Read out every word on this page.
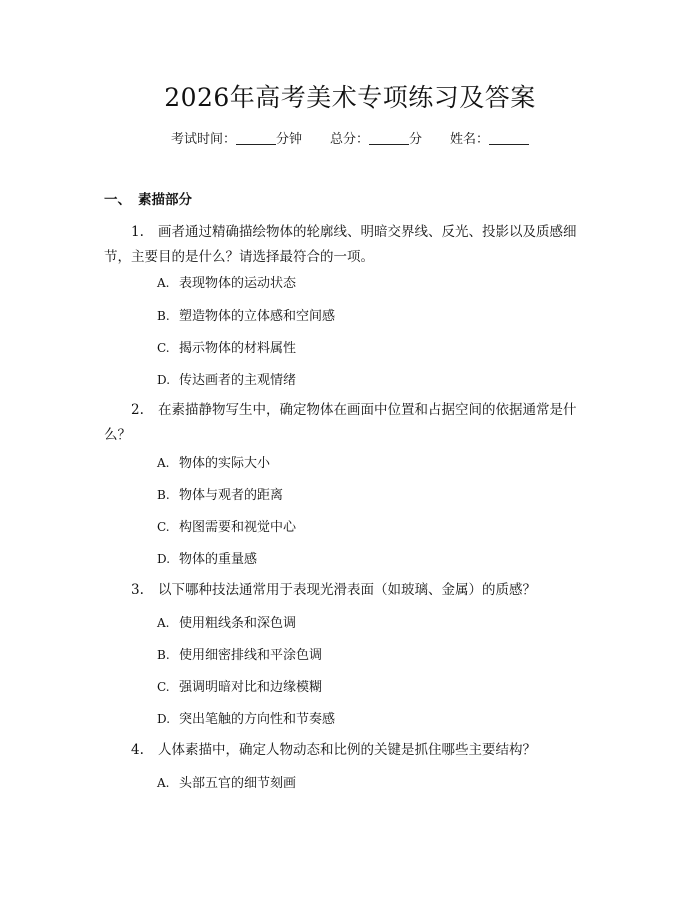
2026年高考美术专项练习及答案
考试时间：	分钟 总分：	分 姓名：
一、 素描部分
1. 画者通过精确描绘物体的轮廓线、明暗交界线、反光、投影以及质感细节，主要目的是什么？请选择最符合的一项。
A. 表现物体的运动状态
B. 塑造物体的立体感和空间感
C. 揭示物体的材料属性
D. 传达画者的主观情绪
2. 在素描静物写生中，确定物体在画面中位置和占据空间的依据通常是什么？
A. 物体的实际大小
B. 物体与观者的距离
C. 构图需要和视觉中心
D. 物体的重量感
3. 以下哪种技法通常用于表现光滑表面（如玻璃、金属）的质感？
A. 使用粗线条和深色调
B. 使用细密排线和平涂色调
C. 强调明暗对比和边缘模糊
D. 突出笔触的方向性和节奏感
4. 人体素描中，确定人物动态和比例的关键是抓住哪些主要结构？
A. 头部五官的细节刻画
